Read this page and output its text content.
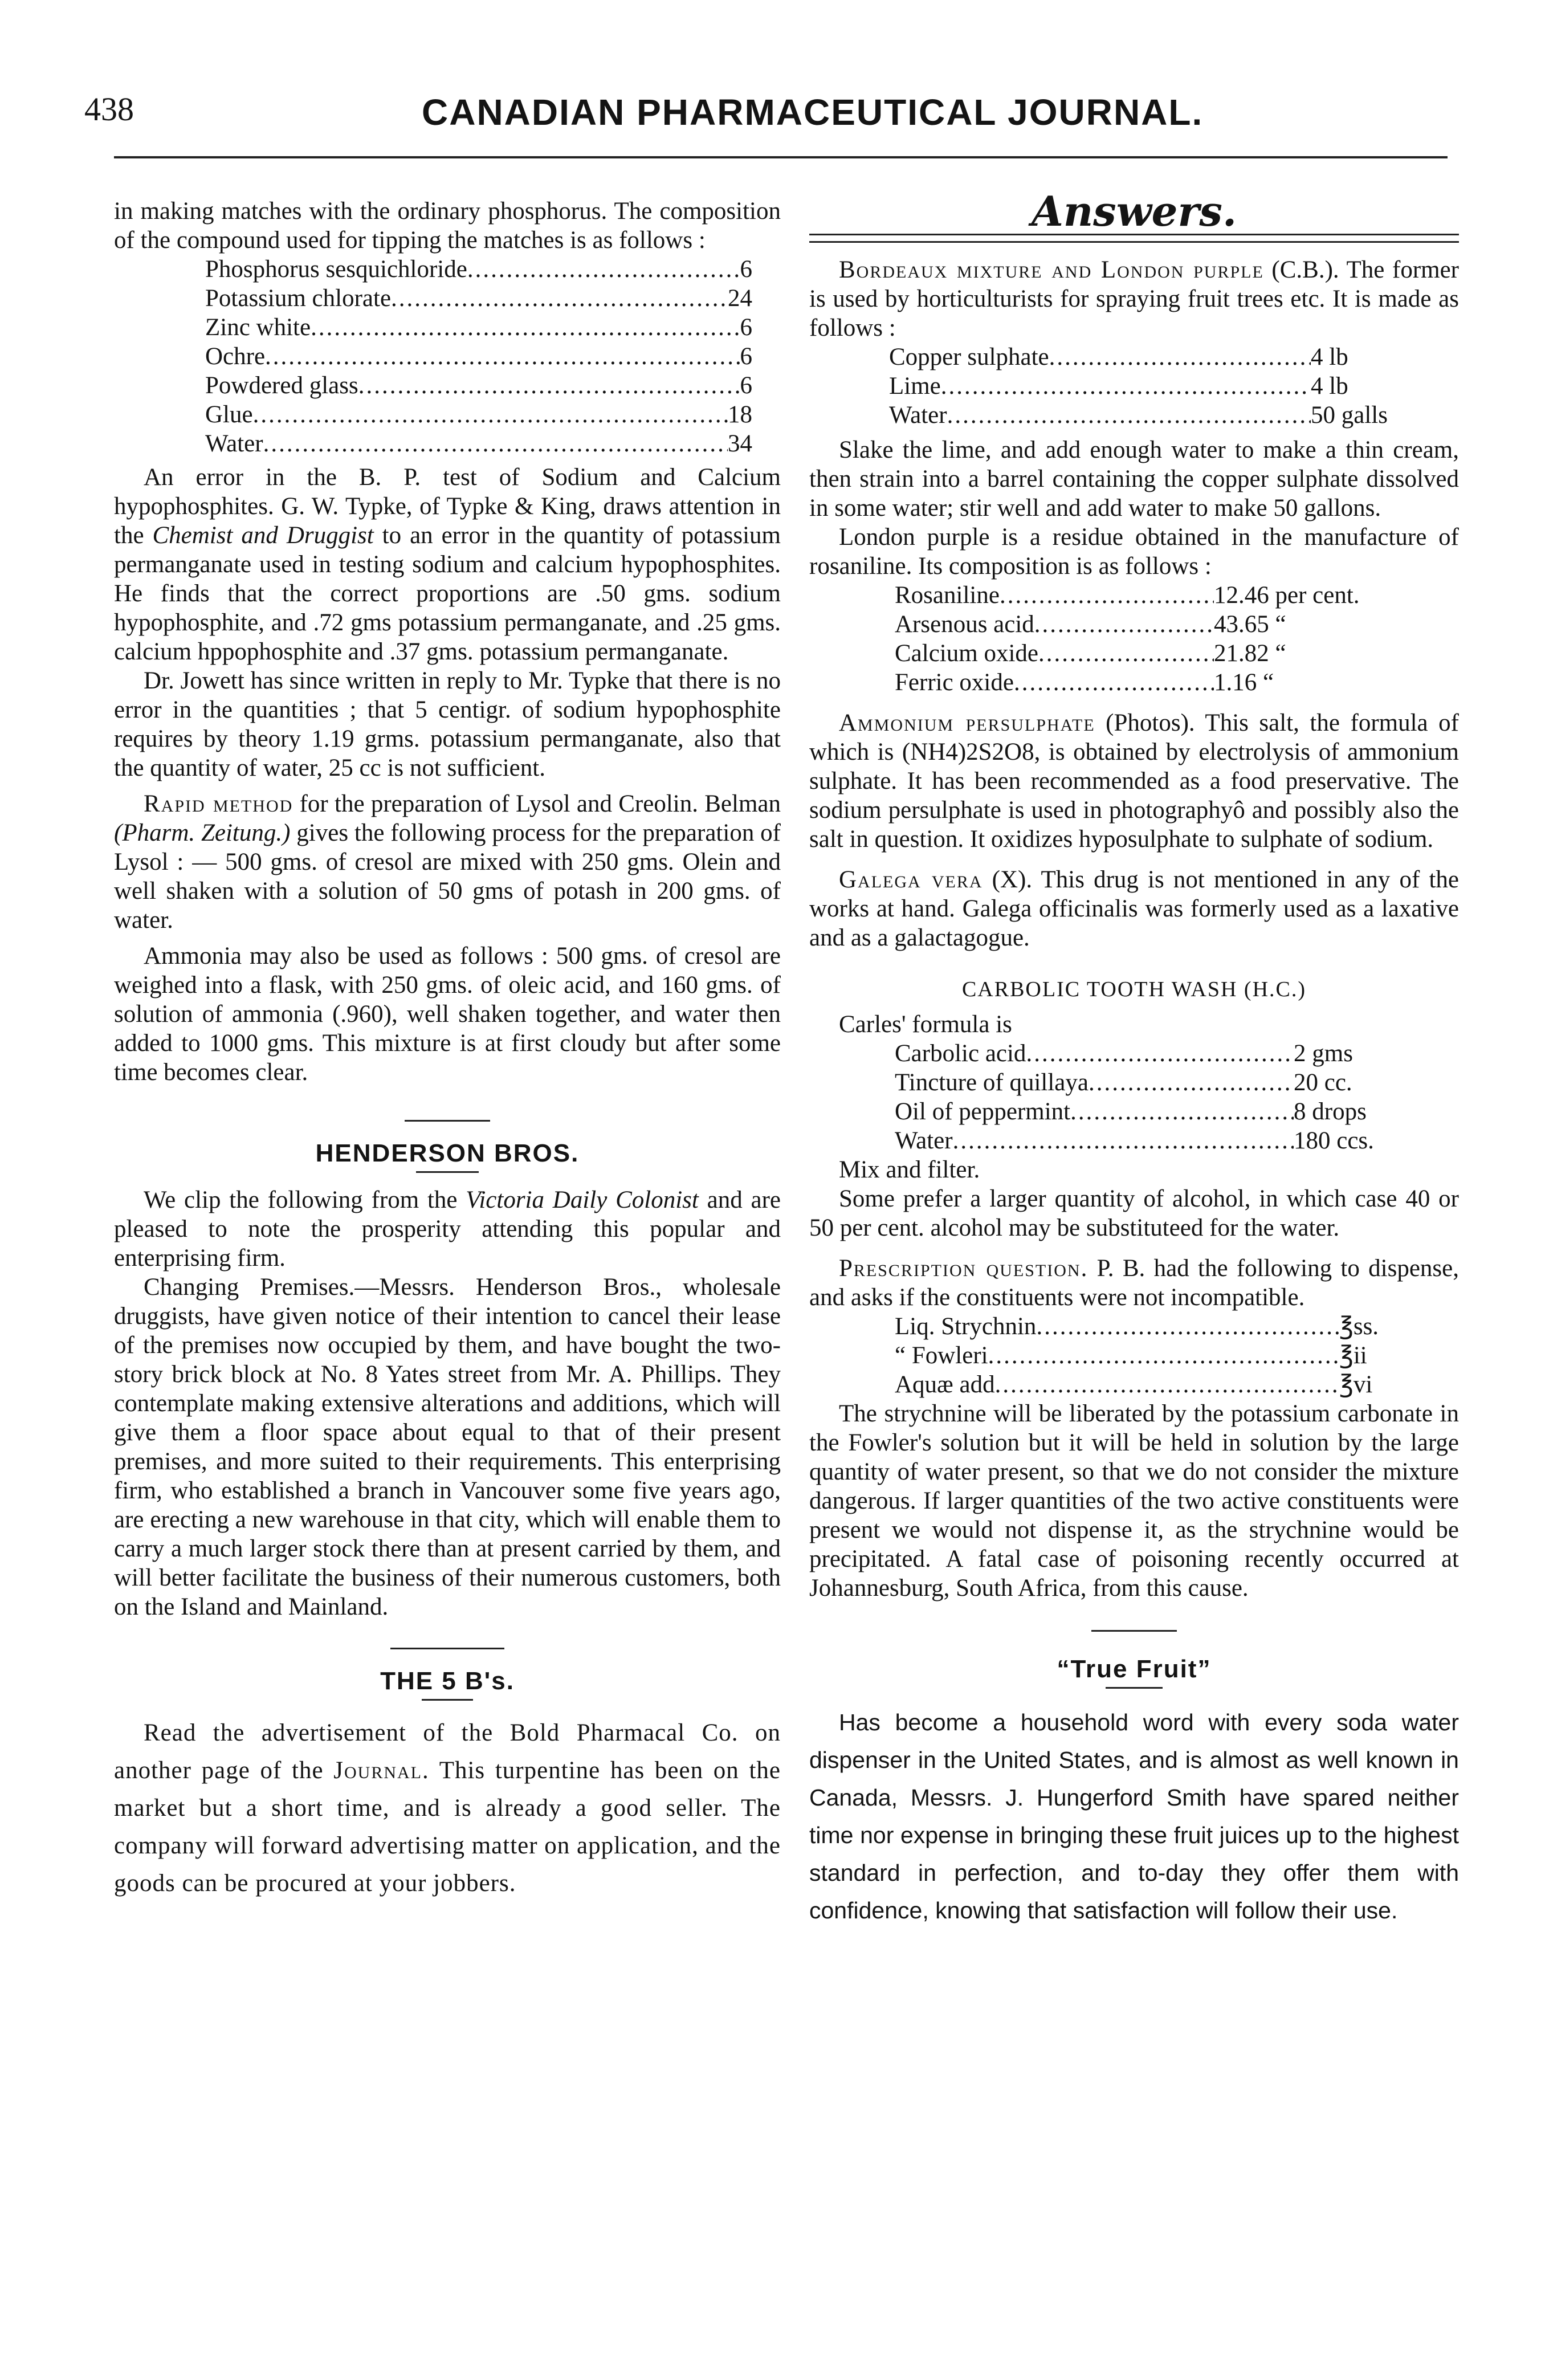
438	CANADIAN PHARMACEUTICAL JOURNAL.

in making matches with the ordinary phosphorus. The composition of the compound used for tipping the matches is as follows :

Phosphorus sesquichloride .....	6
Potassium chlorate .....	24
Zinc white .....	6
Ochre .....	6
Powdered glass .....	6
Glue .....	18
Water .....	34

An error in the B. P. test of Sodium and Calcium hypophosphites. G. W. Typke, of Typke & King, draws attention in the Chemist and Druggist to an error in the quantity of potassium permanganate used in testing sodium and calcium hypophosphites. He finds that the correct proportions are .50 gms. sodium hypophosphite, and .72 gms potassium permanganate, and .25 gms. calcium hppophosphite and .37 gms. potassium permanganate.

Dr. Jowett has since written in reply to Mr. Typke that there is no error in the quantities ; that 5 centigr. of sodium hypophosphite requires by theory 1.19 grms. potassium permanganate, also that the quantity of water, 25 cc is not sufficient.

Rapid method for the preparation of Lysol and Creolin. Belman (Pharm. Zeitung.) gives the following process for the preparation of Lysol : — 500 gms. of cresol are mixed with 250 gms. Olein and well shaken with a solution of 50 gms of potash in 200 gms. of water.

Ammonia may also be used as follows : 500 gms. of cresol are weighed into a flask, with 250 gms. of oleic acid, and 160 gms. of solution of ammonia (.960), well shaken together, and water then added to 1000 gms. This mixture is at first cloudy but after some time becomes clear.

HENDERSON BROS.

We clip the following from the Victoria Daily Colonist and are pleased to note the prosperity attending this popular and enterprising firm.

Changing Premises.—Messrs. Henderson Bros., wholesale druggists, have given notice of their intention to cancel their lease of the premises now occupied by them, and have bought the two-story brick block at No. 8 Yates street from Mr. A. Phillips. They contemplate making extensive alterations and additions, which will give them a floor space about equal to that of their present premises, and more suited to their requirements. This enterprising firm, who established a branch in Vancouver some five years ago, are erecting a new warehouse in that city, which will enable them to carry a much larger stock there than at present carried by them, and will better facilitate the business of their numerous customers, both on the Island and Mainland.

THE 5 B's.

Read the advertisement of the Bold Pharmacal Co. on another page of the Journal. This turpentine has been on the market but a short time, and is already a good seller. The company will forward advertising matter on application, and the goods can be procured at your jobbers.

Answers.

Bordeaux mixture and London purple (C.B.). The former is used by horticulturists for spraying fruit trees etc. It is made as follows :

Copper sulphate .....	4 lb
Lime .....	4 lb
Water .....	50 galls

Slake the lime, and add enough water to make a thin cream, then strain into a barrel containing the copper sulphate dissolved in some water; stir well and add water to make 50 gallons.

London purple is a residue obtained in the manufacture of rosaniline. Its composition is as follows :

Rosaniline .....	12.46 per cent.
Arsenous acid .....	43.65 “
Calcium oxide .....	21.82 “
Ferric oxide .....	1.16 “

Ammonium persulphate (Photos). This salt, the formula of which is (NH4)2S2O8, is obtained by electrolysis of ammonium sulphate. It has been recommended as a food preservative. The sodium persulphate is used in photographyô and possibly also the salt in question. It oxidizes hyposulphate to sulphate of sodium.

Galega vera (X). This drug is not mentioned in any of the works at hand. Galega officinalis was formerly used as a laxative and as a galactagogue.

CARBOLIC TOOTH WASH (H.C.)

Carles' formula is

Carbolic acid .....	2 gms
Tincture of quillaya .....	20 cc.
Oil of peppermint .....	8 drops
Water .....	180 ccs.

Mix and filter.

Some prefer a larger quantity of alcohol, in which case 40 or 50 per cent. alcohol may be substituteed for the water.

Prescription question. P. B. had the following to dispense, and asks if the constituents were not incompatible.

Liq. Strychnin .....	℥ss.
“ Fowleri .....	℥ii
Aquæ add .....	℥vi

The strychnine will be liberated by the potassium carbonate in the Fowler's solution but it will be held in solution by the large quantity of water present, so that we do not consider the mixture dangerous. If larger quantities of the two active constituents were present we would not dispense it, as the strychnine would be precipitated. A fatal case of poisoning recently occurred at Johannesburg, South Africa, from this cause.

“True Fruit”

Has become a household word with every soda water dispenser in the United States, and is almost as well known in Canada, Messrs. J. Hungerford Smith have spared neither time nor expense in bringing these fruit juices up to the highest standard in perfection, and to-day they offer them with confidence, knowing that satisfaction will follow their use.
